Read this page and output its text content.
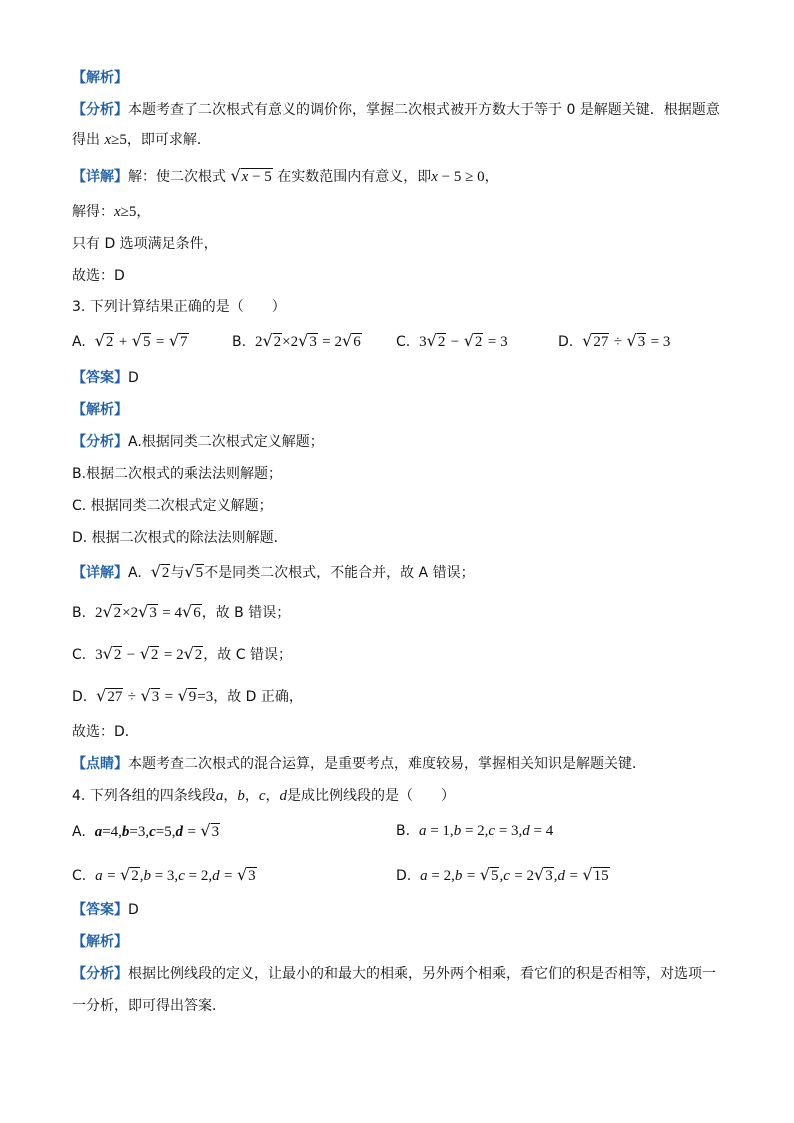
【解析】
【分析】本题考查了二次根式有意义的调价你，掌握二次根式被开方数大于等于 0 是解题关键．根据题意
得出 x≥5，即可求解．
【详解】解：使二次根式 √x − 5 在实数范围内有意义，即x − 5 ≥ 0，
解得：x≥5，
只有 D 选项满足条件，
故选：D
3. 下列计算结果正确的是（　　）
A.  √2 + √5 = √7	B.  2√2×2√3 = 2√6	C.  3√2 − √2 = 3	D.  √27 ÷ √3 = 3
【答案】D
【解析】
【分析】A.根据同类二次根式定义解题；
B.根据二次根式的乘法法则解题；
C. 根据同类二次根式定义解题；
D. 根据二次根式的除法法则解题．
【详解】A.  √2与√5不是同类二次根式，不能合并，故 A 错误；
B.  2√2×2√3 = 4√6，故 B 错误；
C.  3√2 − √2 = 2√2，故 C 错误；
D.  √27 ÷ √3 = √9=3，故 D 正确，
故选：D．
【点睛】本题考查二次根式的混合运算，是重要考点，难度较易，掌握相关知识是解题关键．
4. 下列各组的四条线段a，b，c，d是成比例线段的是（　　）
A.  a=4,b=3,c=5,d = √3	B.  a = 1,b = 2,c = 3,d = 4
C.  a = √2,b = 3,c = 2,d = √3	D.  a = 2,b = √5,c = 2√3,d = √15
【答案】D
【解析】
【分析】根据比例线段的定义，让最小的和最大的相乘，另外两个相乘，看它们的积是否相等，对选项一
一分析，即可得出答案．
